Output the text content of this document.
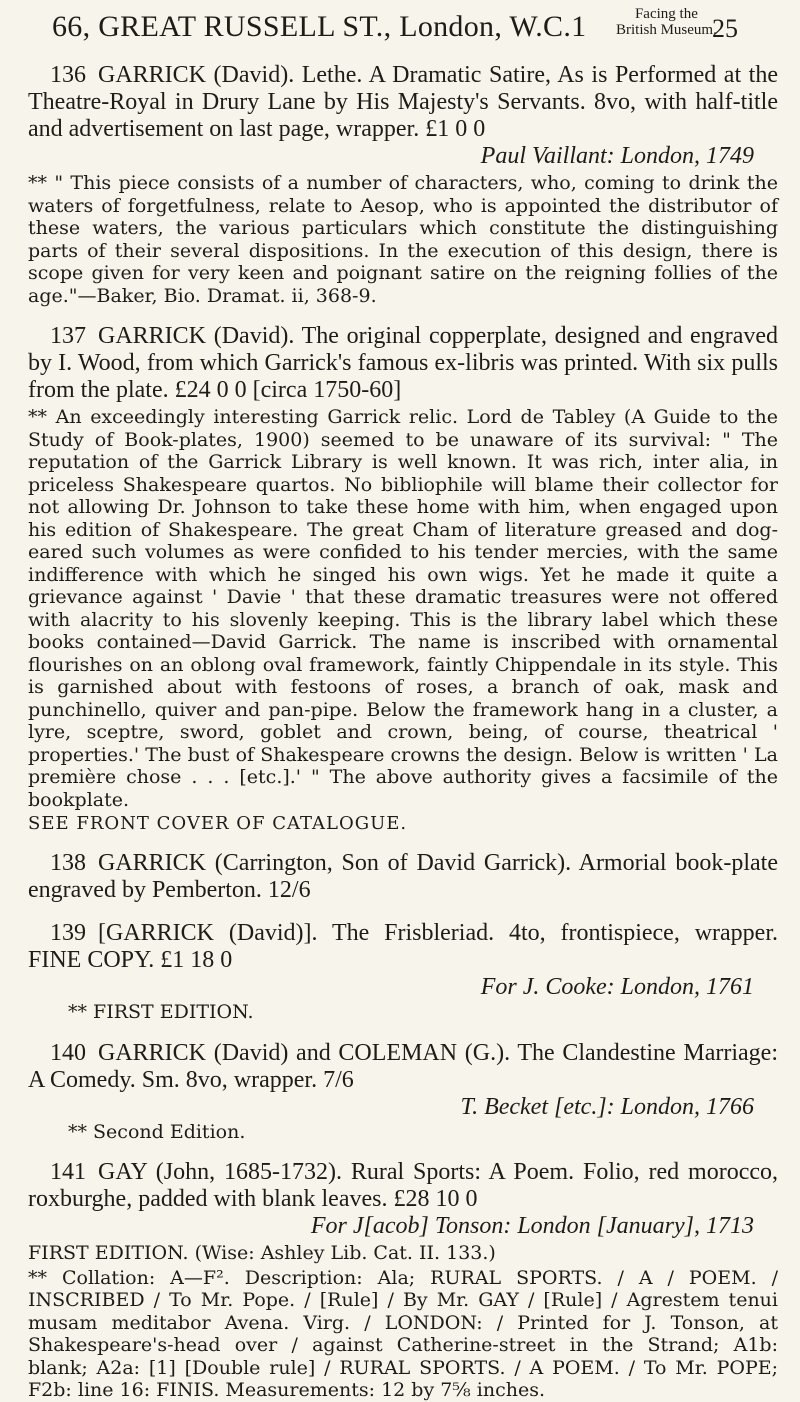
66, GREAT RUSSELL ST., London, W.C.1	Facing the
British Museum.
25
136 GARRICK (David). Lethe. A Dramatic Satire, As is Performed at the Theatre-Royal in Drury Lane by His Majesty's Servants. 8vo, with half-title and advertisement on last page, wrapper. £1 0 0
Paul Vaillant: London, 1749
** " This piece consists of a number of characters, who, coming to drink the waters of forgetfulness, relate to Aesop, who is appointed the distributor of these waters, the various particulars which constitute the distinguishing parts of their several dispositions. In the execution of this design, there is scope given for very keen and poignant satire on the reigning follies of the age."—Baker, Bio. Dramat. ii, 368-9.
137 GARRICK (David). The original copperplate, designed and engraved by I. Wood, from which Garrick's famous ex-libris was printed. With six pulls from the plate. £24 0 0 [circa 1750-60]
** An exceedingly interesting Garrick relic. Lord de Tabley (A Guide to the Study of Book-plates, 1900) seemed to be unaware of its survival: " The reputation of the Garrick Library is well known. It was rich, inter alia, in priceless Shakespeare quartos. No bibliophile will blame their collector for not allowing Dr. Johnson to take these home with him, when engaged upon his edition of Shakespeare. The great Cham of literature greased and dog-eared such volumes as were confided to his tender mercies, with the same indifference with which he singed his own wigs. Yet he made it quite a grievance against ' Davie ' that these dramatic treasures were not offered with alacrity to his slovenly keeping. This is the library label which these books contained—David Garrick. The name is inscribed with ornamental flourishes on an oblong oval framework, faintly Chippendale in its style. This is garnished about with festoons of roses, a branch of oak, mask and punchinello, quiver and pan-pipe. Below the framework hang in a cluster, a lyre, sceptre, sword, goblet and crown, being, of course, theatrical ' properties.' The bust of Shakespeare crowns the design. Below is written ' La première chose . . . [etc.].' " The above authority gives a facsimile of the bookplate.
SEE FRONT COVER OF CATALOGUE.
138 GARRICK (Carrington, Son of David Garrick). Armorial book-plate engraved by Pemberton. 12/6
139 [GARRICK (David)]. The Frisbleriad. 4to, frontispiece, wrapper. FINE COPY. £1 18 0
For J. Cooke: London, 1761
** FIRST EDITION.
140 GARRICK (David) and COLEMAN (G.). The Clandestine Marriage: A Comedy. Sm. 8vo, wrapper. 7/6
T. Becket [etc.]: London, 1766
** Second Edition.
141 GAY (John, 1685-1732). Rural Sports: A Poem. Folio, red morocco, roxburghe, padded with blank leaves. £28 10 0
For J[acob] Tonson: London [January], 1713
FIRST EDITION. (Wise: Ashley Lib. Cat. II. 133.)
** Collation: A—F². Description: Ala; RURAL SPORTS. / A / POEM. / INSCRIBED / To Mr. Pope. / [Rule] / By Mr. GAY / [Rule] / Agrestem tenui musam meditabor Avena. Virg. / LONDON: / Printed for J. Tonson, at Shakespeare's-head over / against Catherine-street in the Strand; A1b: blank; A2a: [1] [Double rule] / RURAL SPORTS. / A POEM. / To Mr. POPE; F2b: line 16: FINIS. Measurements: 12 by 7⅝ inches.
